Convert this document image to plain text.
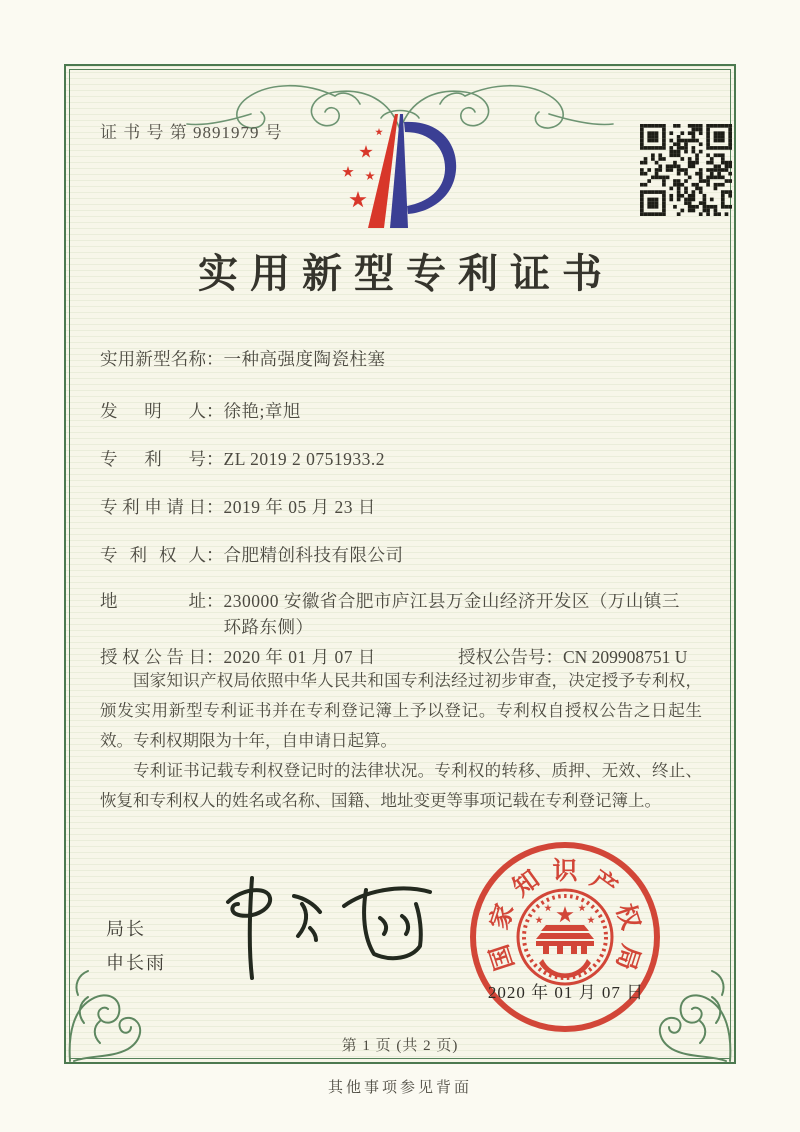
证 书 号 第 9891979 号
实用新型专利证书
实用新型名称：一种高强度陶瓷柱塞
发明人：徐艳;章旭
专利号：ZL 2019 2 0751933.2
专利申请日：2019 年 05 月 23 日
专利权人：合肥精创科技有限公司
地址：230000 安徽省合肥市庐江县万金山经济开发区（万山镇三环路东侧）
授权公告日：2020 年 01 月 07 日	授权公告号：CN 209908751 U

国家知识产权局依照中华人民共和国专利法经过初步审查，决定授予专利权，颁发实用新型专利证书并在专利登记簿上予以登记。专利权自授权公告之日起生效。专利权期限为十年，自申请日起算。

专利证书记载专利权登记时的法律状况。专利权的转移、质押、无效、终止、恢复和专利权人的姓名或名称、国籍、地址变更等事项记载在专利登记簿上。

局长
申长雨	国
家
知 识 产
权
局
2020 年 01 月 07 日
第 1 页 (共 2 页)
其他事项参见背面
